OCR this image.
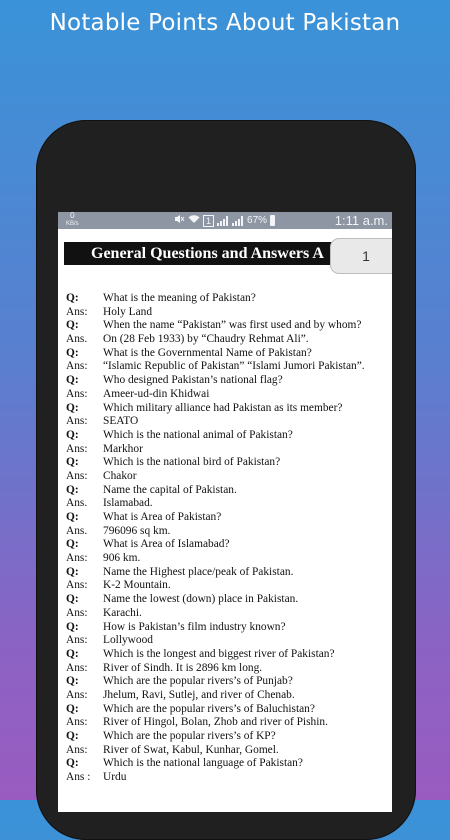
Notable Points About Pakistan
0
KB/s	1	67%	1:11 a.m.
General Questions and Answers A	1
Q:	What is the meaning of Pakistan?
Ans:	Holy Land
Q:	When the name “Pakistan” was first used and by whom?
Ans.	On (28 Feb 1933) by “Chaudry Rehmat Ali”.
Q:	What is the Governmental Name of Pakistan?
Ans:	“Islamic Republic of Pakistan” “Islami Jumori Pakistan”.
Q:	Who designed Pakistan’s national flag?
Ans:	Ameer-ud-din Khidwai
Q:	Which military alliance had Pakistan as its member?
Ans:	SEATO
Q:	Which is the national animal of Pakistan?
Ans:	Markhor
Q:	Which is the national bird of Pakistan?
Ans:	Chakor
Q:	Name the capital of Pakistan.
Ans.	Islamabad.
Q:	What is Area of Pakistan?
Ans.	796096 sq km.
Q:	What is Area of Islamabad?
Ans:	906 km.
Q:	Name the Highest place/peak of Pakistan.
Ans:	K-2 Mountain.
Q:	Name the lowest (down) place in Pakistan.
Ans:	Karachi.
Q:	How is Pakistan’s film industry known?
Ans:	Lollywood
Q:	Which is the longest and biggest river of Pakistan?
Ans:	River of Sindh. It is 2896 km long.
Q:	Which are the popular rivers’s of Punjab?
Ans:	Jhelum, Ravi, Sutlej, and river of Chenab.
Q:	Which are the popular rivers’s of Baluchistan?
Ans:	River of Hingol, Bolan, Zhob and river of Pishin.
Q:	Which are the popular rivers’s of KP?
Ans:	River of Swat, Kabul, Kunhar, Gomel.
Q:	Which is the national language of Pakistan?
Ans :	Urdu
